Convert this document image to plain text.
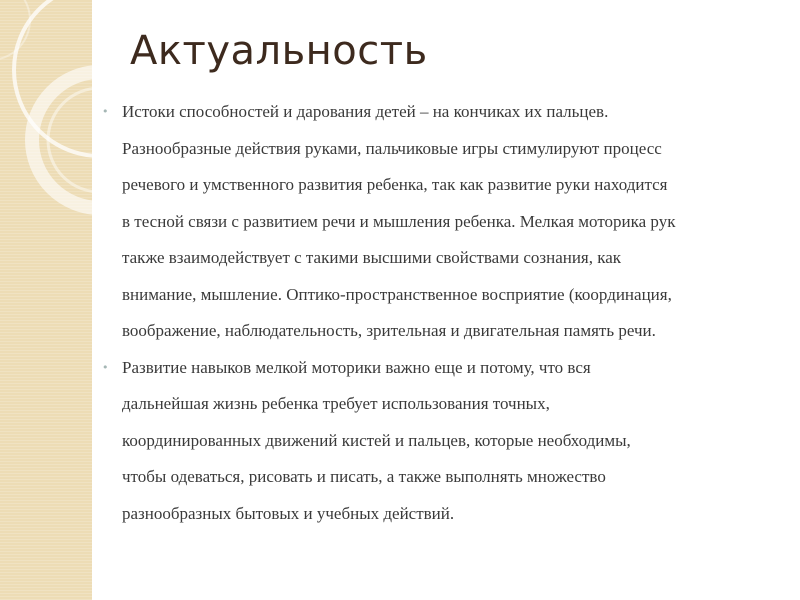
Актуальность

• Истоки способностей и дарования детей – на кончиках их пальцев.
Разнообразные действия руками, пальчиковые игры стимулируют процесс
речевого и умственного развития ребенка, так как развитие руки находится
в тесной связи с развитием речи и мышления ребенка. Мелкая моторика рук
также взаимодействует с такими высшими свойствами сознания, как
внимание, мышление. Оптико-пространственное восприятие (координация,
воображение, наблюдательность, зрительная и двигательная память речи.

• Развитие навыков мелкой моторики важно еще и потому, что вся
дальнейшая жизнь ребенка требует использования точных,
координированных движений кистей и пальцев, которые необходимы,
чтобы одеваться, рисовать и писать, а также выполнять множество
разнообразных бытовых и учебных действий.
